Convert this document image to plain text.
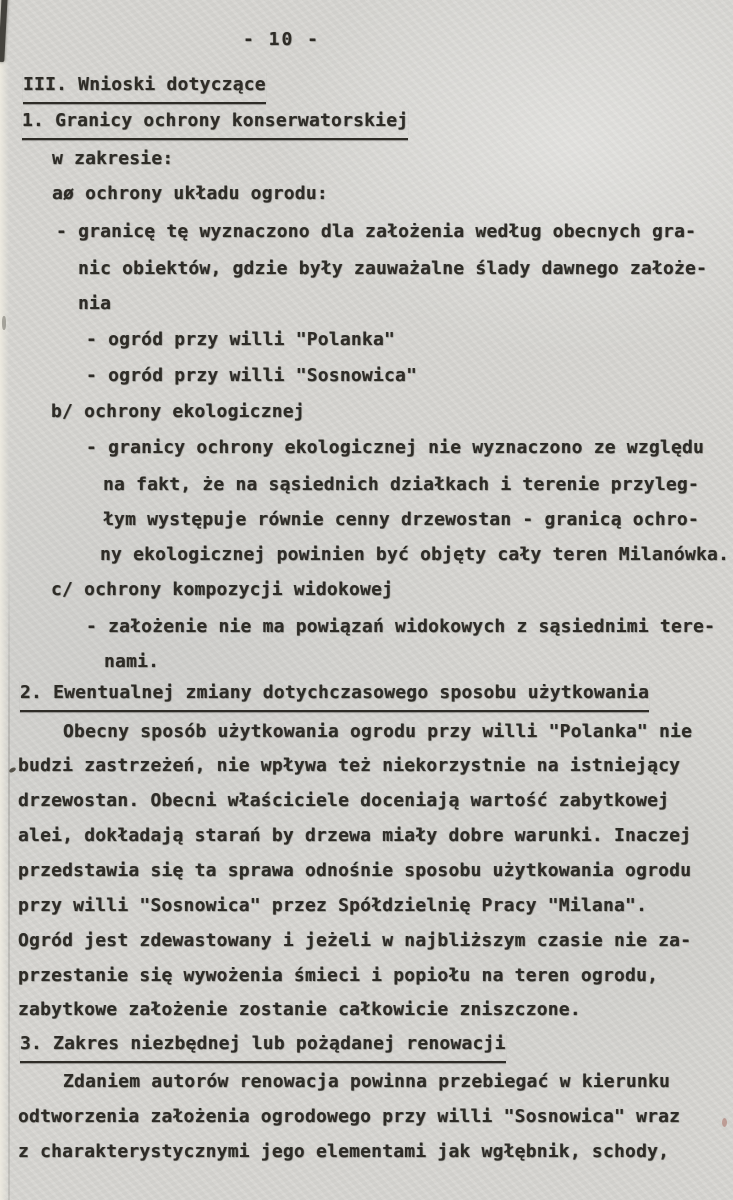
- 10 -
III. Wnioski dotyczące
1. Granicy ochrony konserwatorskiej
w zakresie:
aø ochrony układu ogrodu:
- granicę tę wyznaczono dla założenia według obecnych gra-
nic obiektów, gdzie były zauważalne ślady dawnego założe-
nia
- ogród przy willi "Polanka"
- ogród przy willi "Sosnowica"
b/ ochrony ekologicznej
- granicy ochrony ekologicznej nie wyznaczono ze względu
na fakt, że na sąsiednich działkach i terenie przyleg-
łym występuje równie cenny drzewostan - granicą ochro-
ny ekologicznej powinien być objęty cały teren Milanówka.
c/ ochrony kompozycji widokowej
- założenie nie ma powiązań widokowych z sąsiednimi tere-
nami.
2. Ewentualnej zmiany dotychczasowego sposobu użytkowania
Obecny sposób użytkowania ogrodu przy willi "Polanka" nie
budzi zastrzeżeń, nie wpływa też niekorzystnie na istniejący
drzewostan. Obecni właściciele doceniają wartość zabytkowej
alei, dokładają starań by drzewa miały dobre warunki. Inaczej
przedstawia się ta sprawa odnośnie sposobu użytkowania ogrodu
przy willi "Sosnowica" przez Spółdzielnię Pracy "Milana".
Ogród jest zdewastowany i jeżeli w najbliższym czasie nie za-
przestanie się wywożenia śmieci i popiołu na teren ogrodu,
zabytkowe założenie zostanie całkowicie zniszczone.
3. Zakres niezbędnej lub pożądanej renowacji
Zdaniem autorów renowacja powinna przebiegać w kierunku
odtworzenia założenia ogrodowego przy willi "Sosnowica" wraz
z charakterystycznymi jego elementami jak wgłębnik, schody,
